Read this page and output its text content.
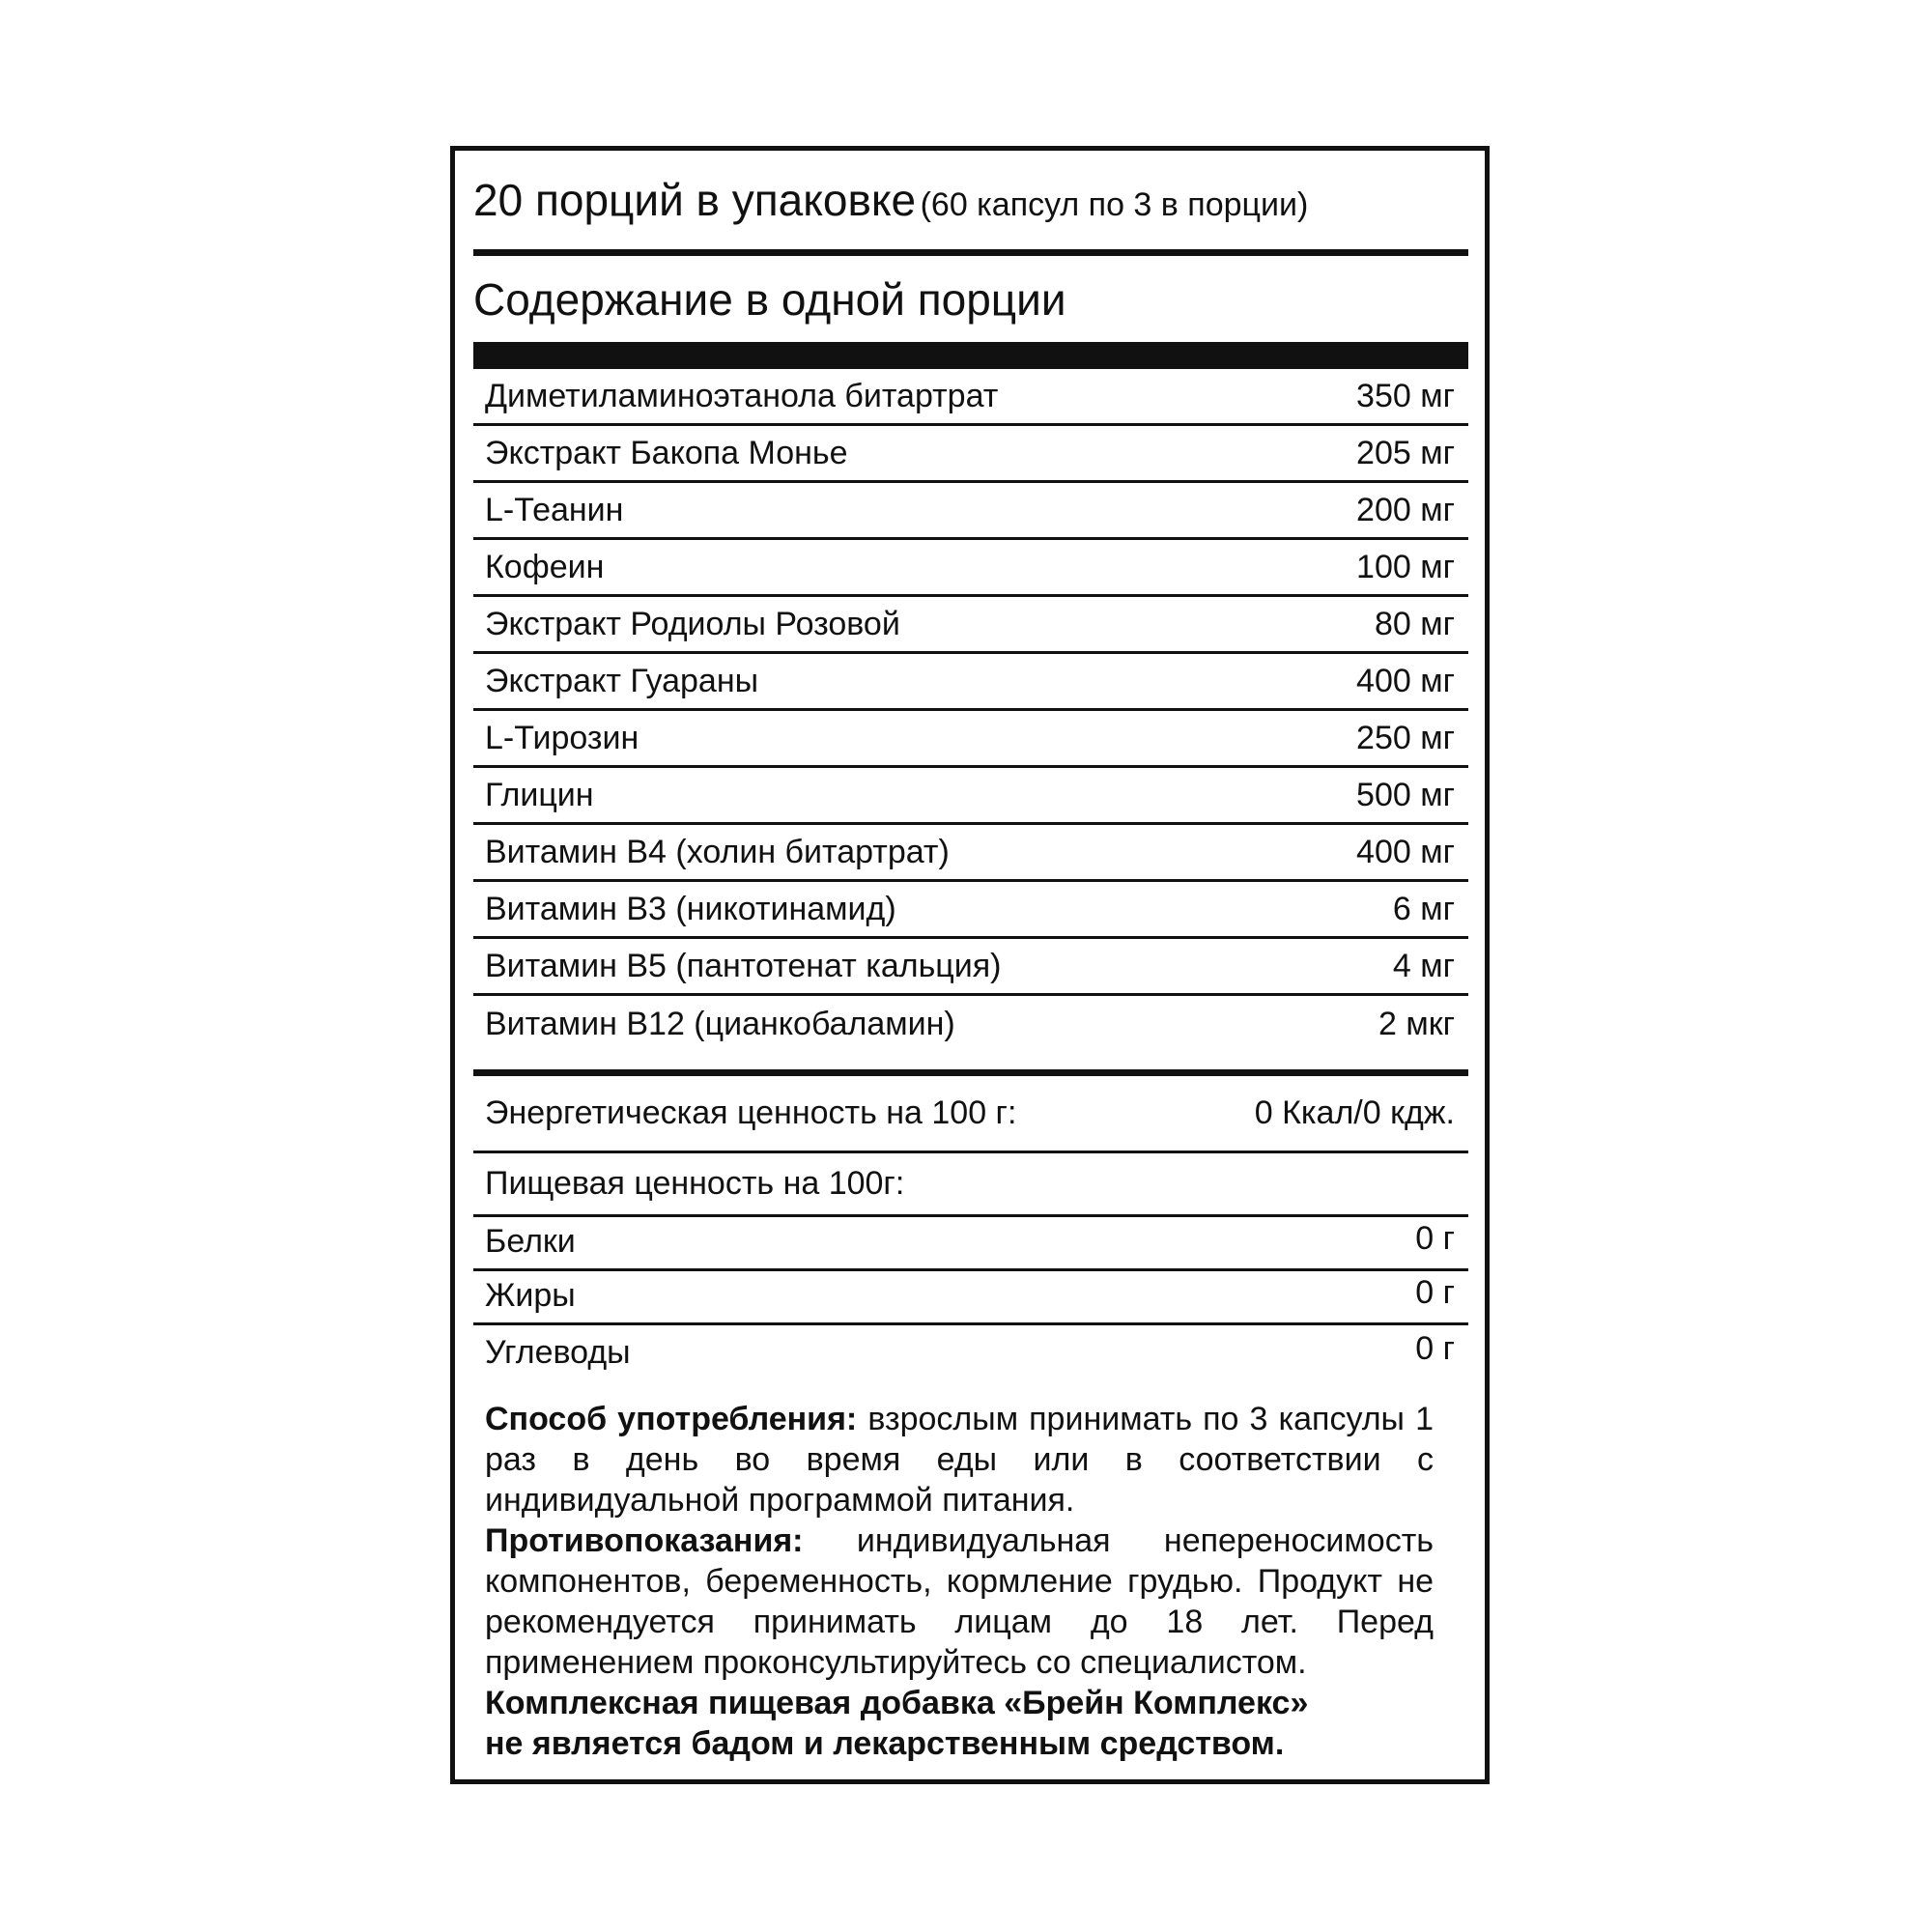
20 порций в упаковке (60 капсул по 3 в порции)
Содержание в одной порции
Диметиламиноэтанола битартрат	350 мг
Экстракт Бакопа Монье	205 мг
L-Теанин	200 мг
Кофеин	100 мг
Экстракт Родиолы Розовой	80 мг
Экстракт Гуараны	400 мг
L-Тирозин	250 мг
Глицин	500 мг
Витамин В4 (холин битартрат)	400 мг
Витамин В3 (никотинамид)	6 мг
Витамин В5 (пантотенат кальция)	4 мг
Витамин В12 (цианкобаламин)	2 мкг
Энергетическая ценность на 100 г:	0 Ккал/0 кдж.
Пищевая ценность на 100г:
Белки	0 г
Жиры	0 г
Углеводы	0 г

Способ употребления: взрослым принимать по 3 капсулы 1 раз в день во время еды или в соответствии с индивидуальной программой питания.

Противопоказания: индивидуальная непереносимость компонентов, беременность, кормление грудью. Продукт не рекомендуется принимать лицам до 18 лет. Перед применением проконсультируйтесь со специалистом.

Комплексная пищевая добавка «Брейн Комплекс»
не является бадом и лекарственным средством.
